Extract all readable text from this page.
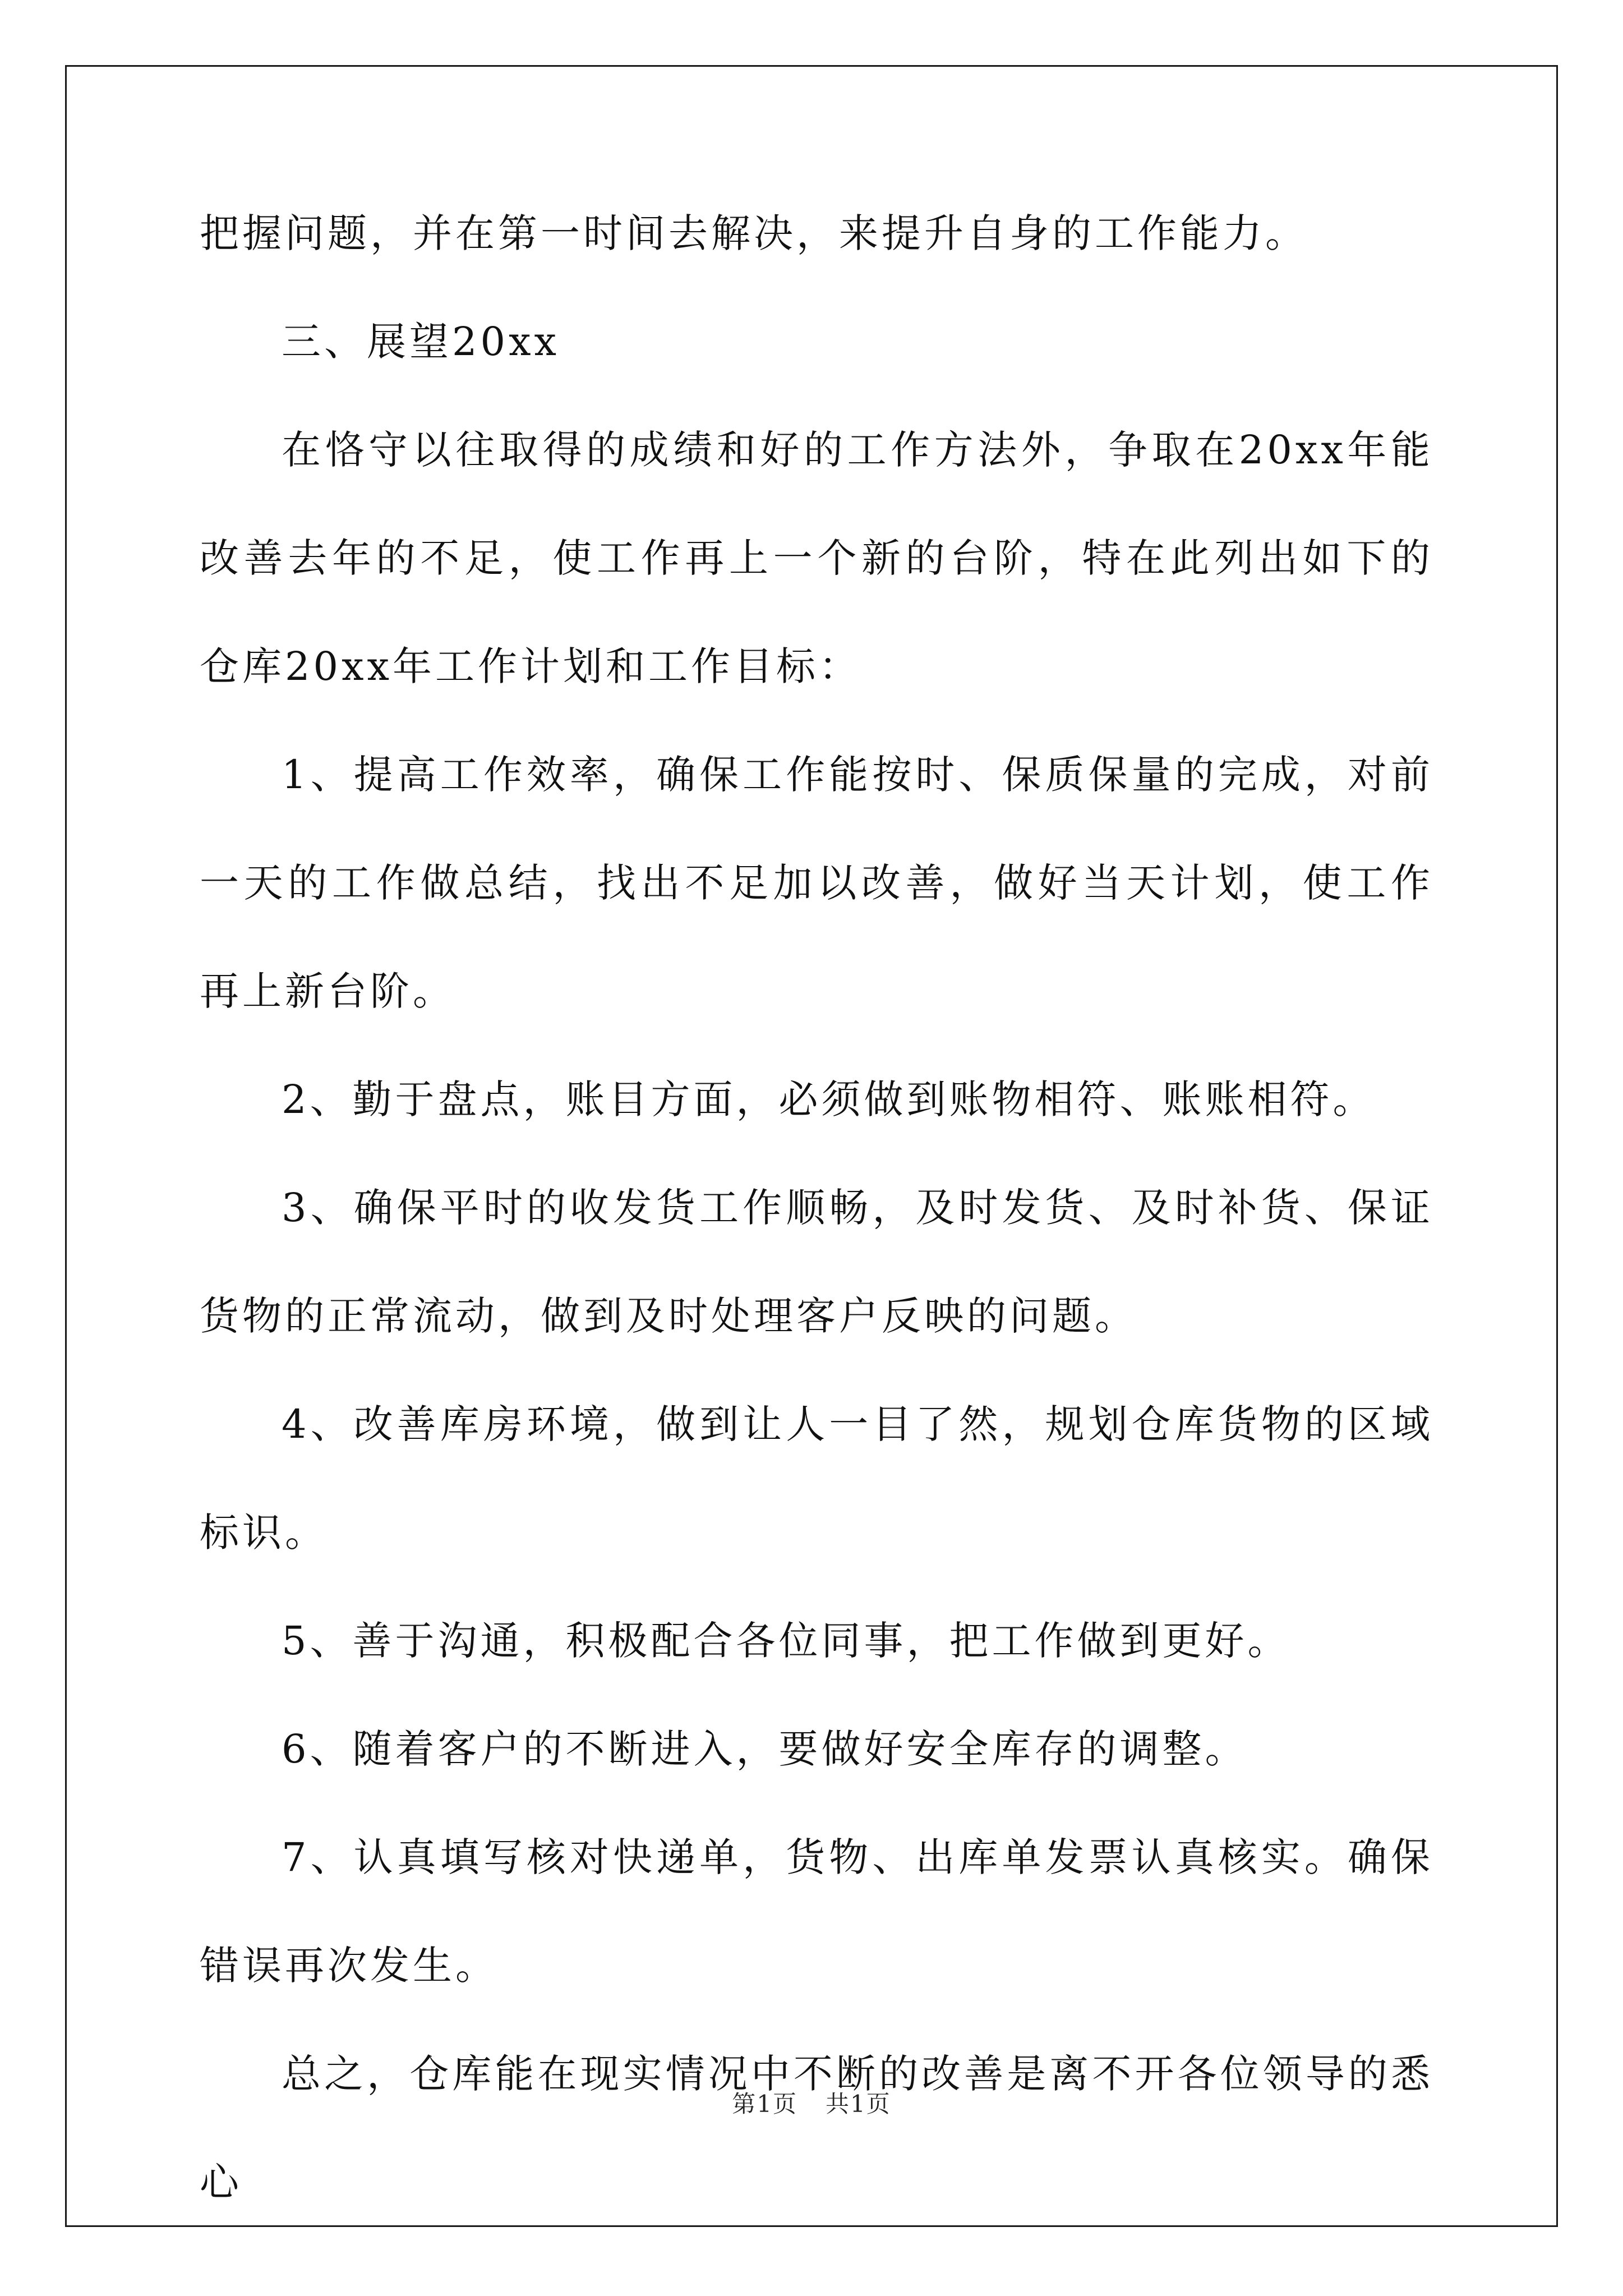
把握问题，并在第一时间去解决，来提升自身的工作能力。

三、展望20xx

在恪守以往取得的成绩和好的工作方法外，争取在20xx年能改善去年的不足，使工作再上一个新的台阶，特在此列出如下的仓库20xx年工作计划和工作目标：

1、提高工作效率，确保工作能按时、保质保量的完成，对前一天的工作做总结，找出不足加以改善，做好当天计划，使工作再上新台阶。

2、勤于盘点，账目方面，必须做到账物相符、账账相符。

3、确保平时的收发货工作顺畅，及时发货、及时补货、保证货物的正常流动，做到及时处理客户反映的问题。

4、改善库房环境，做到让人一目了然，规划仓库货物的区域标识。

5、善于沟通，积极配合各位同事，把工作做到更好。

6、随着客户的不断进入，要做好安全库存的调整。

7、认真填写核对快递单，货物、出库单发票认真核实。确保错误再次发生。

总之，仓库能在现实情况中不断的改善是离不开各位领导的悉心

第1页 共1页
